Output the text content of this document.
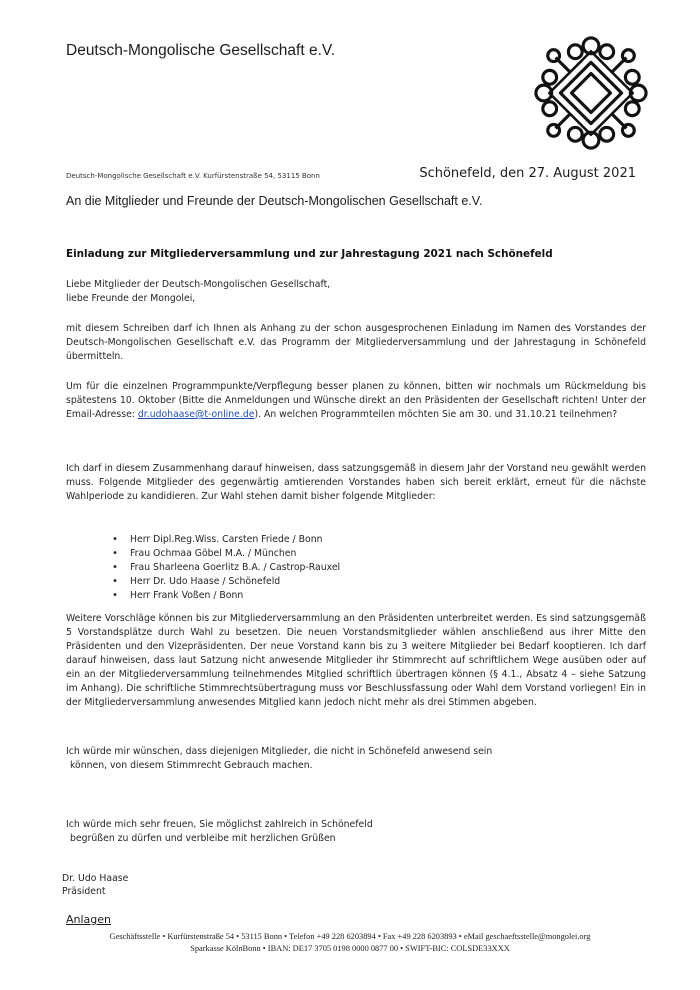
Deutsch-Mongolische Gesellschaft e.V.
Deutsch-Mongolische Gesellschaft e.V. Kurfürstenstraße 54, 53115 Bonn	Schönefeld, den 27. August 2021
An die Mitglieder und Freunde der Deutsch-Mongolischen Gesellschaft e.V.
Einladung zur Mitgliederversammlung und zur Jahrestagung 2021 nach Schönefeld
Liebe Mitglieder der Deutsch-Mongolischen Gesellschaft,
liebe Freunde der Mongolei,
mit diesem Schreiben darf ich Ihnen als Anhang zu der schon ausgesprochenen Einladung im Namen des Vorstandes der Deutsch-Mongolischen Gesellschaft e.V. das Programm der Mitgliederversammlung und der Jahrestagung in Schönefeld übermitteln.
Um für die einzelnen Programmpunkte/Verpflegung besser planen zu können, bitten wir nochmals um Rückmeldung bis spätestens 10. Oktober (Bitte die Anmeldungen und Wünsche direkt an den Präsidenten der Gesellschaft richten! Unter der Email-Adresse: dr.udohaase@t-online.de). An welchen Programmteilen möchten Sie am 30. und 31.10.21 teilnehmen?
Ich darf in diesem Zusammenhang darauf hinweisen, dass satzungsgemäß in diesem Jahr der Vorstand neu gewählt werden muss. Folgende Mitglieder des gegenwärtig amtierenden Vorstandes haben sich bereit erklärt, erneut für die nächste Wahlperiode zu kandidieren. Zur Wahl stehen damit bisher folgende Mitglieder:
• Herr Dipl.Reg.Wiss. Carsten Friede / Bonn
• Frau Ochmaa Göbel M.A. / München
• Frau Sharleena Goerlitz B.A. / Castrop-Rauxel
• Herr Dr. Udo Haase / Schönefeld
• Herr Frank Voßen / Bonn
Weitere Vorschläge können bis zur Mitgliederversammlung an den Präsidenten unterbreitet werden. Es sind satzungsgemäß 5 Vorstandsplätze durch Wahl zu besetzen. Die neuen Vorstandsmitglieder wählen anschließend aus ihrer Mitte den Präsidenten und den Vizepräsidenten. Der neue Vorstand kann bis zu 3 weitere Mitglieder bei Bedarf kooptieren. Ich darf darauf hinweisen, dass laut Satzung nicht anwesende Mitglieder ihr Stimmrecht auf schriftlichem Wege ausüben oder auf ein an der Mitgliederversammlung teilnehmendes Mitglied schriftlich übertragen können (§ 4.1., Absatz 4 – siehe Satzung im Anhang). Die schriftliche Stimmrechtsübertragung muss vor Beschlussfassung oder Wahl dem Vorstand vorliegen! Ein in der Mitgliederversammlung anwesendes Mitglied kann jedoch nicht mehr als drei Stimmen abgeben.
Ich würde mir wünschen, dass diejenigen Mitglieder, die nicht in Schönefeld anwesend sein
können, von diesem Stimmrecht Gebrauch machen.
Ich würde mich sehr freuen, Sie möglichst zahlreich in Schönefeld
begrüßen zu dürfen und verbleibe mit herzlichen Grüßen
Dr. Udo Haase
Präsident
Anlagen
Geschäftsstelle • Kurfürstenstraße 54 • 53115 Bonn • Telefon +49 228 6203894 • Fax +49 228 6203893 • eMail geschaeftsstelle@mongolei.org
Sparkasse KölnBonn • IBAN: DE17 3705 0198 0000 0877 00 • SWIFT-BIC: COLSDE33XXX
